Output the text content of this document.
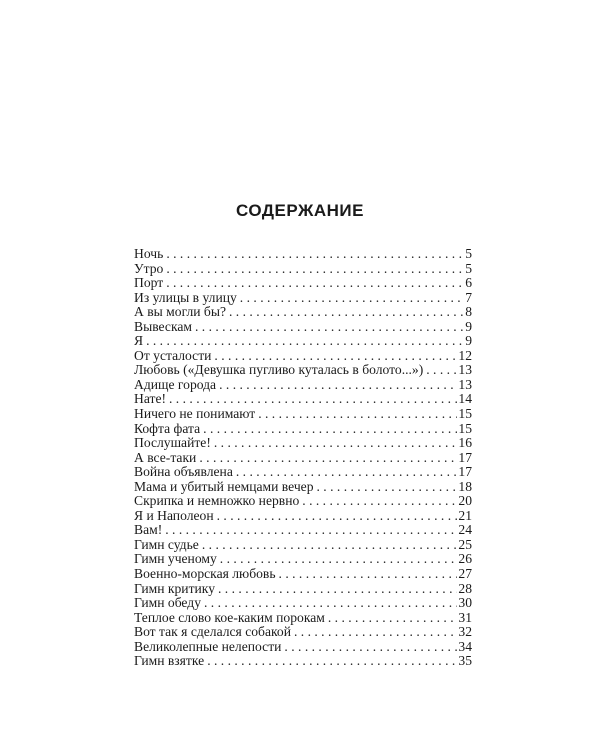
СОДЕРЖАНИЕ
Ночь . . .	5
Утро . . .	5
Порт . . .	6
Из улицы в улицу . . .	7
А вы могли бы? . . .	8
Вывескам . . .	9
Я . . .	9
От усталости . . .	12
Любовь («Девушка пугливо куталась в болото...») . . .	13
Адище города . . .	13
Нате! . . .	14
Ничего не понимают . . .	15
Кофта фата . . .	15
Послушайте! . . .	16
А все-таки . . .	17
Война объявлена . . .	17
Мама и убитый немцами вечер . . .	18
Скрипка и немножко нервно . . .	20
Я и Наполеон . . .	21
Вам! . . .	24
Гимн судье . . .	25
Гимн ученому . . .	26
Военно-морская любовь . . .	27
Гимн критику . . .	28
Гимн обеду . . .	30
Теплое слово кое-каким порокам . . .	31
Вот так я сделался собакой . . .	32
Великолепные нелепости . . .	34
Гимн взятке . . .	35
